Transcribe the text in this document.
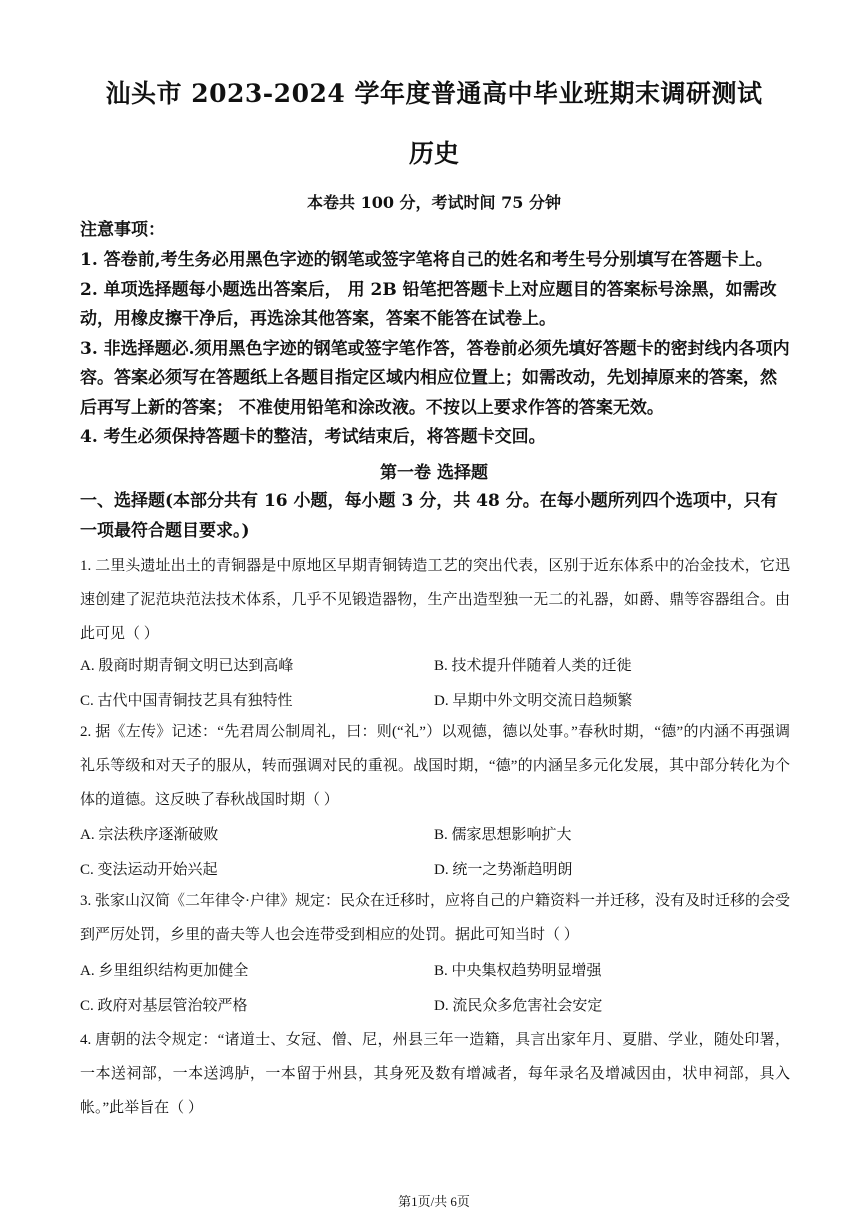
汕头市 2023-2024 学年度普通高中毕业班期末调研测试
历史
本卷共 100 分，考试时间 75 分钟
注意事项：

1. 答卷前,考生务必用黑色字迹的钢笔或签字笔将自己的姓名和考生号分别填写在答题卡上。

2. 单项选择题每小题选出答案后， 用 2B 铅笔把答题卡上对应题目的答案标号涂黑，如需改动，用橡皮擦干净后，再选涂其他答案，答案不能答在试卷上。

3. 非选择题必.须用黑色字迹的钢笔或签字笔作答，答卷前必须先填好答题卡的密封线内各项内容。答案必须写在答题纸上各题目指定区域内相应位置上；如需改动，先划掉原来的答案，然后再写上新的答案； 不准使用铅笔和涂改液。不按以上要求作答的答案无效。

4. 考生必须保持答题卡的整洁，考试结束后，将答题卡交回。

第一卷 选择题
一、选择题(本部分共有 16 小题，每小题 3 分，共 48 分。在每小题所列四个选项中，只有一项最符合题目要求。)

1. 二里头遗址出土的青铜器是中原地区早期青铜铸造工艺的突出代表，区别于近东体系中的冶金技术，它迅速创建了泥范块范法技术体系，几乎不见锻造器物，生产出造型独一无二的礼器，如爵、鼎等容器组合。由此可见（ ）

A. 殷商时期青铜文明已达到高峰	B. 技术提升伴随着人类的迁徙
C. 古代中国青铜技艺具有独特性	D. 早期中外文明交流日趋频繁

2. 据《左传》记述：“先君周公制周礼，曰：则(“礼”）以观德，德以处事。”春秋时期，“德”的内涵不再强调礼乐等级和对天子的服从，转而强调对民的重视。战国时期，“德”的内涵呈多元化发展，其中部分转化为个体的道德。这反映了春秋战国时期（ ）

A. 宗法秩序逐渐破败	B. 儒家思想影响扩大
C. 变法运动开始兴起	D. 统一之势渐趋明朗

3. 张家山汉简《二年律令·户律》规定：民众在迁移时，应将自己的户籍资料一并迁移，没有及时迁移的会受到严厉处罚，乡里的啬夫等人也会连带受到相应的处罚。据此可知当时（ ）

A. 乡里组织结构更加健全	B. 中央集权趋势明显增强
C. 政府对基层管治较严格	D. 流民众多危害社会安定

4. 唐朝的法令规定：“诸道士、女冠、僧、尼，州县三年一造籍，具言出家年月、夏腊、学业，随处印署，一本送祠部，一本送鸿胪，一本留于州县，其身死及数有增减者，每年录名及增减因由，状申祠部，具入帐。”此举旨在（ ）

第1页/共 6页
